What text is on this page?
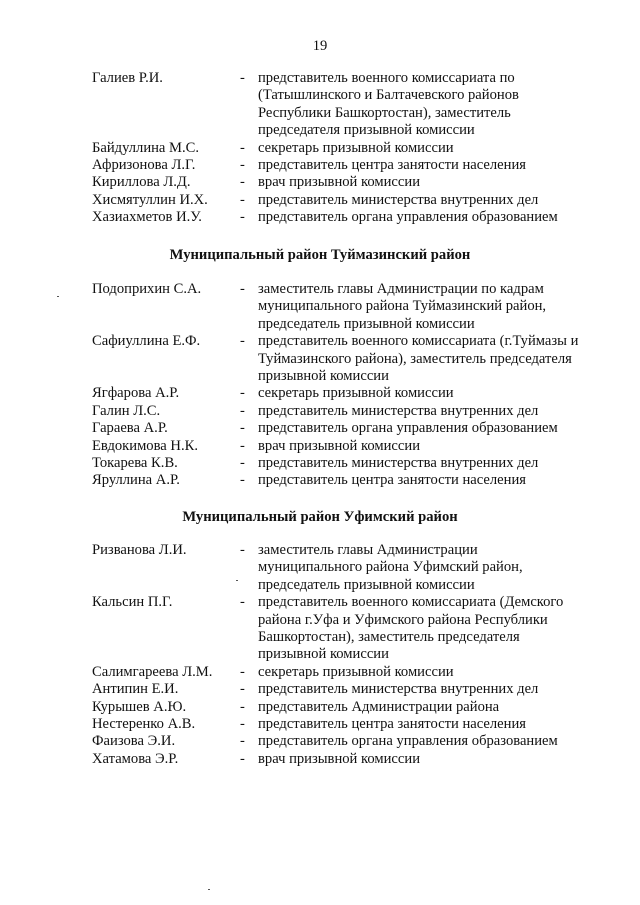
19
Галиев Р.И.	- представитель военного комиссариата по
(Татышлинского и Балтачевского районов
Республики Башкортостан), заместитель
председателя призывной комиссии
Байдуллина М.С.	- секретарь призывной комиссии
Афризонова Л.Г.	- представитель центра занятости населения
Кириллова Л.Д.	- врач призывной комиссии
Хисмятуллин И.Х.	- представитель министерства внутренних дел
Хазиахметов И.У.	- представитель органа управления образованием
Муниципальный район Туймазинский район
Подоприхин С.А.	- заместитель главы Администрации по кадрам
муниципального района Туймазинский район,
председатель призывной комиссии
Сафиуллина Е.Ф.	- представитель военного комиссариата (г.Туймазы и
Туймазинского района), заместитель председателя
призывной комиссии
Ягфарова А.Р.	- секретарь призывной комиссии
Галин Л.С.	- представитель министерства внутренних дел
Гараева А.Р.	- представитель органа управления образованием
Евдокимова Н.К.	- врач призывной комиссии
Токарева К.В.	- представитель министерства внутренних дел
Яруллина А.Р.	- представитель центра занятости населения
Муниципальный район Уфимский район
Ризванова Л.И.	- заместитель главы Администрации
муниципального района Уфимский район,
председатель призывной комиссии
Кальсин П.Г.	- представитель военного комиссариата (Демского
района г.Уфа и Уфимского района Республики
Башкортостан), заместитель председателя
призывной комиссии
Салимгареева Л.М.	- секретарь призывной комиссии
Антипин Е.И.	- представитель министерства внутренних дел
Курышев А.Ю.	- представитель Администрации района
Нестеренко А.В.	- представитель центра занятости населения
Фаизова Э.И.	- представитель органа управления образованием
Хатамова Э.Р.	- врач призывной комиссии
